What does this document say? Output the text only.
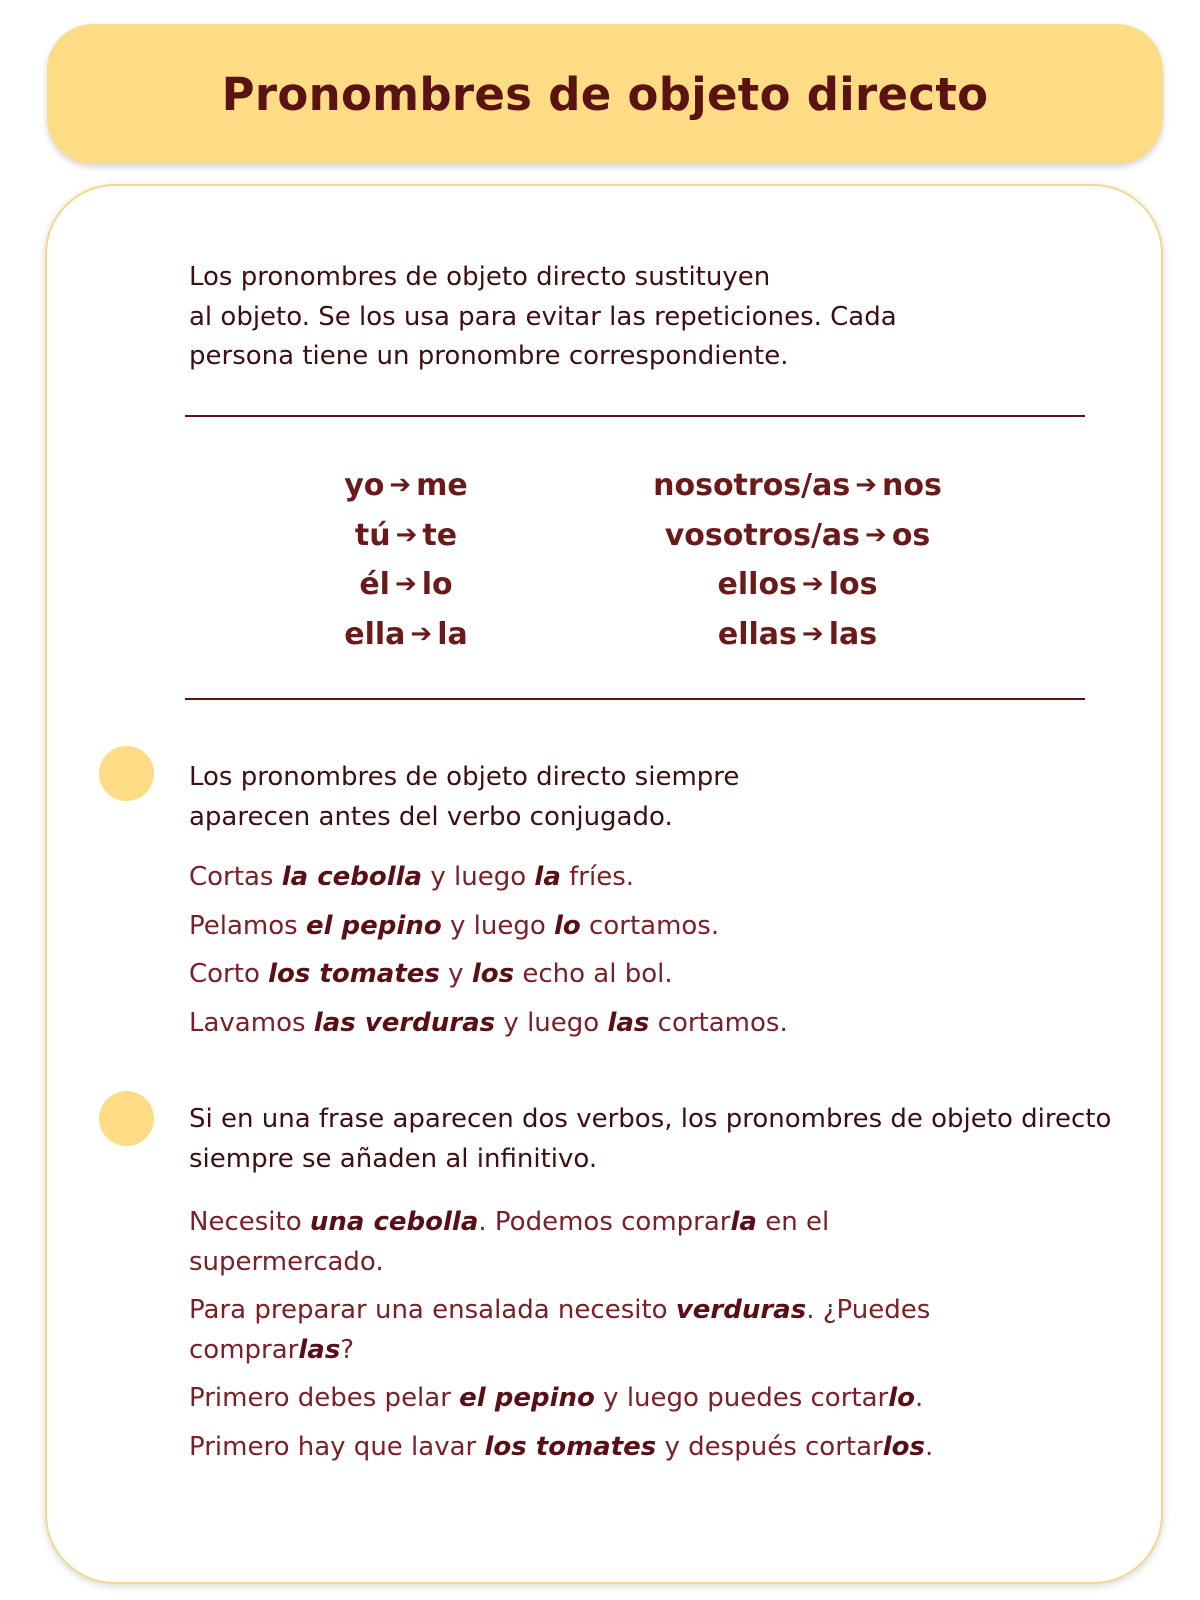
Pronombres de objeto directo
Los pronombres de objeto directo sustituyen
al objeto. Se los usa para evitar las repeticiones. Cada
persona tiene un pronombre correspondiente.
yo ➔ me
tú ➔ te
él ➔ lo
ella ➔ la
nosotros/as ➔ nos
vosotros/as ➔ os
ellos ➔ los
ellas ➔ las
Los pronombres de objeto directo siempre
aparecen antes del verbo conjugado.
Cortas la cebolla y luego la fríes.
Pelamos el pepino y luego lo cortamos.
Corto los tomates y los echo al bol.
Lavamos las verduras y luego las cortamos.
Si en una frase aparecen dos verbos, los pronombres de objeto directo
siempre se añaden al infinitivo.
Necesito una cebolla. Podemos comprarla en el
supermercado.
Para preparar una ensalada necesito verduras. ¿Puedes
comprarlas?
Primero debes pelar el pepino y luego puedes cortarlo.
Primero hay que lavar los tomates y después cortarlos.
